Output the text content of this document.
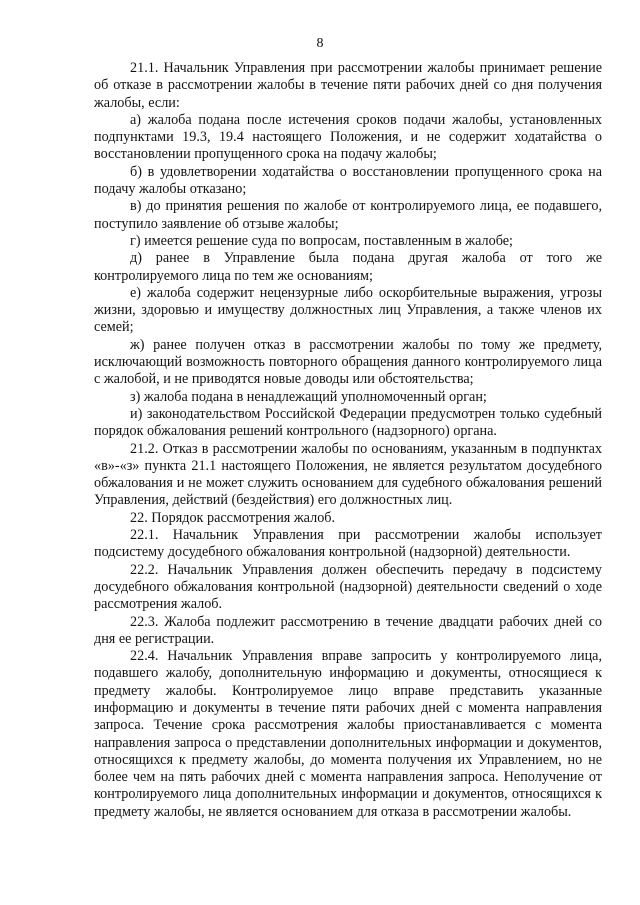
8

21.1. Начальник Управления при рассмотрении жалобы принимает решение об отказе в рассмотрении жалобы в течение пяти рабочих дней со дня получения жалобы, если:

а) жалоба подана после истечения сроков подачи жалобы, установленных подпунктами 19.3, 19.4 настоящего Положения, и не содержит ходатайства о восстановлении пропущенного срока на подачу жалобы;

б) в удовлетворении ходатайства о восстановлении пропущенного срока на подачу жалобы отказано;

в) до принятия решения по жалобе от контролируемого лица, ее подавшего, поступило заявление об отзыве жалобы;

г) имеется решение суда по вопросам, поставленным в жалобе;

д) ранее в Управление была подана другая жалоба от того же контролируемого лица по тем же основаниям;

е) жалоба содержит нецензурные либо оскорбительные выражения, угрозы жизни, здоровью и имуществу должностных лиц Управления, а также членов их семей;

ж) ранее получен отказ в рассмотрении жалобы по тому же предмету, исключающий возможность повторного обращения данного контролируемого лица с жалобой, и не приводятся новые доводы или обстоятельства;

з) жалоба подана в ненадлежащий уполномоченный орган;

и) законодательством Российской Федерации предусмотрен только судебный порядок обжалования решений контрольного (надзорного) органа.

21.2. Отказ в рассмотрении жалобы по основаниям, указанным в подпунктах «в»-«з» пункта 21.1 настоящего Положения, не является результатом досудебного обжалования и не может служить основанием для судебного обжалования решений Управления, действий (бездействия) его должностных лиц.

22. Порядок рассмотрения жалоб.

22.1. Начальник Управления при рассмотрении жалобы использует подсистему досудебного обжалования контрольной (надзорной) деятельности.

22.2. Начальник Управления должен обеспечить передачу в подсистему досудебного обжалования контрольной (надзорной) деятельности сведений о ходе рассмотрения жалоб.

22.3. Жалоба подлежит рассмотрению в течение двадцати рабочих дней со дня ее регистрации.

22.4. Начальник Управления вправе запросить у контролируемого лица, подавшего жалобу, дополнительную информацию и документы, относящиеся к предмету жалобы. Контролируемое лицо вправе представить указанные информацию и документы в течение пяти рабочих дней с момента направления запроса. Течение срока рассмотрения жалобы приостанавливается с момента направления запроса о представлении дополнительных информации и документов, относящихся к предмету жалобы, до момента получения их Управлением, но не более чем на пять рабочих дней с момента направления запроса. Неполучение от контролируемого лица дополнительных информации и документов, относящихся к предмету жалобы, не является основанием для отказа в рассмотрении жалобы.
